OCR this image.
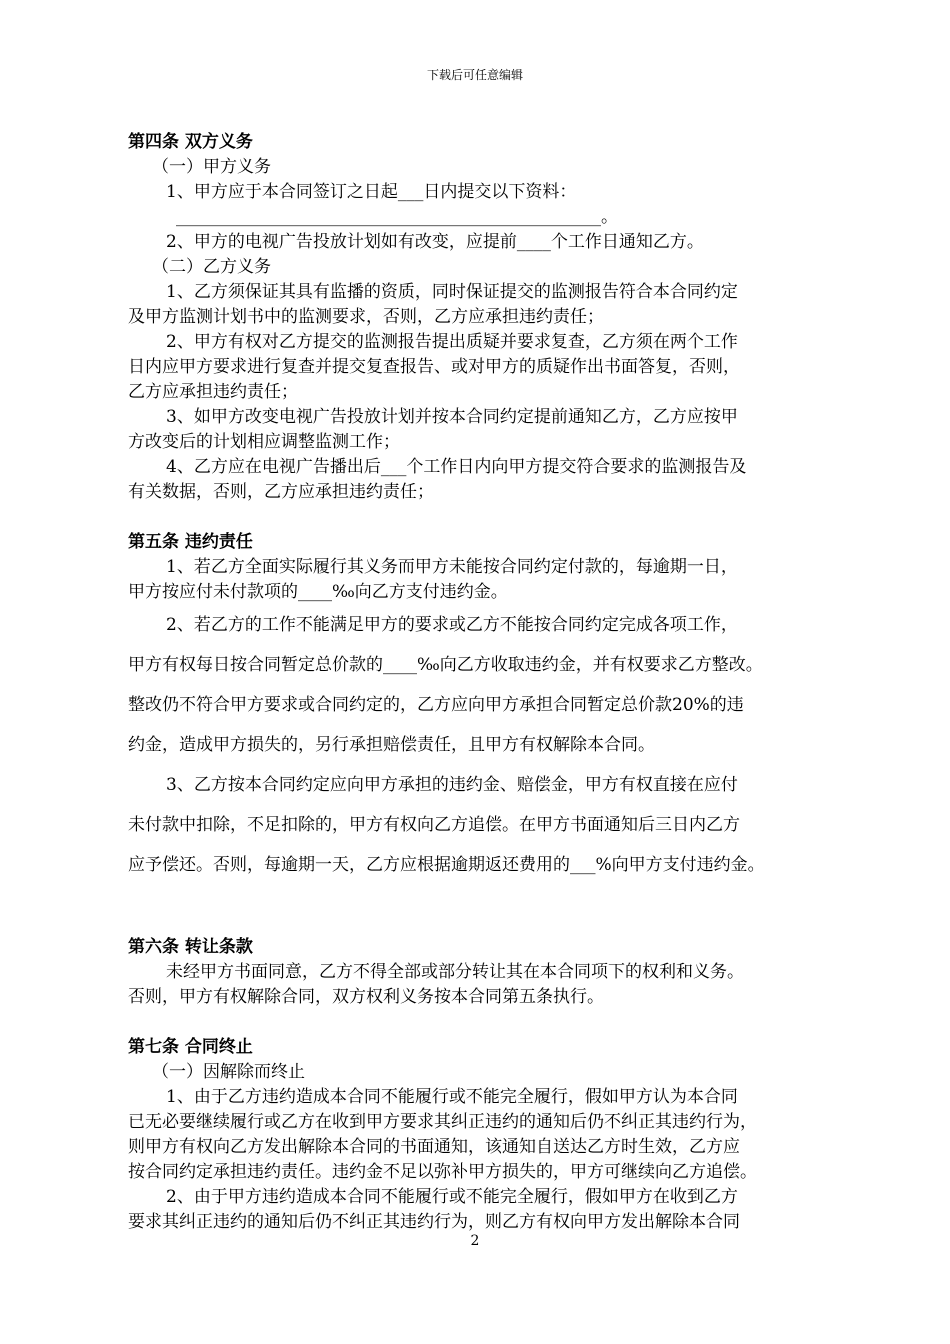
下载后可任意编辑
第四条 双方义务
（一）甲方义务
1、甲方应于本合同签订之日起___日内提交以下资料：
__________________________________________________。
2、甲方的电视广告投放计划如有改变，应提前____个工作日通知乙方。
（二）乙方义务
1、乙方须保证其具有监播的资质，同时保证提交的监测报告符合本合同约定
及甲方监测计划书中的监测要求，否则，乙方应承担违约责任；
2、甲方有权对乙方提交的监测报告提出质疑并要求复查，乙方须在两个工作
日内应甲方要求进行复查并提交复查报告、或对甲方的质疑作出书面答复，否则，
乙方应承担违约责任；
3、如甲方改变电视广告投放计划并按本合同约定提前通知乙方，乙方应按甲
方改变后的计划相应调整监测工作；
4、乙方应在电视广告播出后___个工作日内向甲方提交符合要求的监测报告及
有关数据，否则，乙方应承担违约责任；
第五条 违约责任
1、若乙方全面实际履行其义务而甲方未能按合同约定付款的，每逾期一日，
甲方按应付未付款项的____‰向乙方支付违约金。
2、若乙方的工作不能满足甲方的要求或乙方不能按合同约定完成各项工作，
甲方有权每日按合同暂定总价款的____‰向乙方收取违约金，并有权要求乙方整改。
整改仍不符合甲方要求或合同约定的，乙方应向甲方承担合同暂定总价款20%的违
约金，造成甲方损失的，另行承担赔偿责任，且甲方有权解除本合同。
3、乙方按本合同约定应向甲方承担的违约金、赔偿金，甲方有权直接在应付
未付款中扣除，不足扣除的，甲方有权向乙方追偿。在甲方书面通知后三日内乙方
应予偿还。否则，每逾期一天，乙方应根据逾期返还费用的___%向甲方支付违约金。
第六条 转让条款
未经甲方书面同意，乙方不得全部或部分转让其在本合同项下的权利和义务。
否则，甲方有权解除合同，双方权利义务按本合同第五条执行。
第七条 合同终止
（一）因解除而终止
1、由于乙方违约造成本合同不能履行或不能完全履行，假如甲方认为本合同
已无必要继续履行或乙方在收到甲方要求其纠正违约的通知后仍不纠正其违约行为，
则甲方有权向乙方发出解除本合同的书面通知，该通知自送达乙方时生效，乙方应
按合同约定承担违约责任。违约金不足以弥补甲方损失的，甲方可继续向乙方追偿。
2、由于甲方违约造成本合同不能履行或不能完全履行，假如甲方在收到乙方
要求其纠正违约的通知后仍不纠正其违约行为，则乙方有权向甲方发出解除本合同
2
